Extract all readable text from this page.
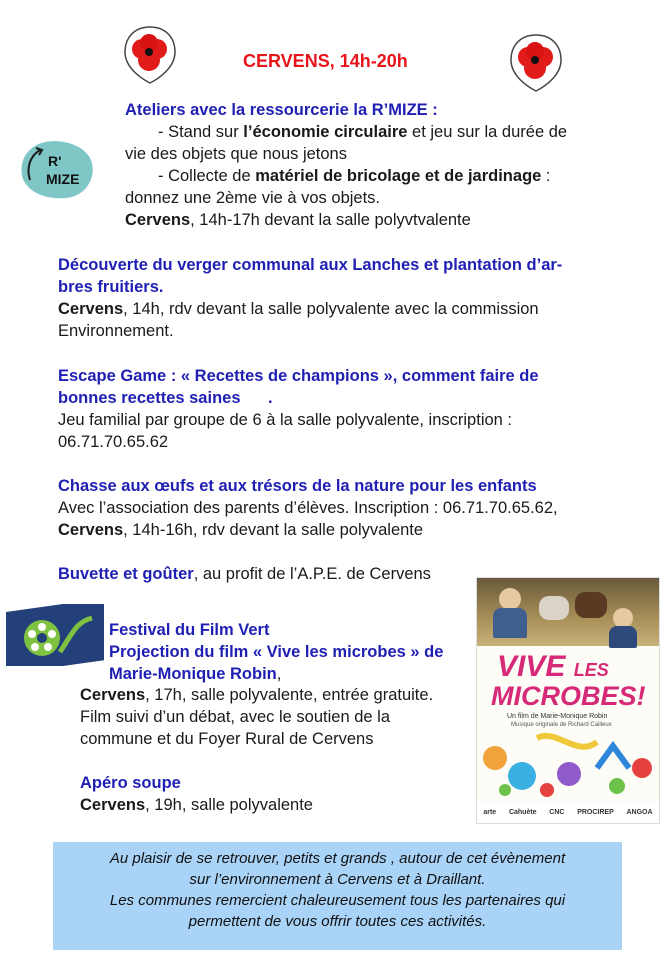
CERVENS, 14h-20h
R'
MIZE
Ateliers avec la ressourcerie la R’MIZE :
- Stand sur l’économie circulaire et jeu sur la durée de
vie des objets que nous jetons
- Collecte de matériel de bricolage et de jardinage :
donnez une 2ème vie à vos objets.
Cervens, 14h-17h devant la salle polyvtvalente
Découverte du verger communal aux Lanches et plantation d’ar-
bres fruitiers.
Cervens, 14h, rdv devant la salle polyvalente avec la commission
Environnement.
Escape Game : « Recettes de champions », comment faire de
bonnes recettes saines      .
Jeu familial par groupe de 6 à la salle polyvalente, inscription :
06.71.70.65.62
Chasse aux œufs et aux trésors de la nature pour les enfants
Avec l’association des parents d’élèves. Inscription : 06.71.70.65.62,
Cervens, 14h-16h, rdv devant la salle polyvalente
Buvette et goûter, au profit de l’A.P.E. de Cervens
Festival du Film Vert
Projection du film « Vive les microbes » de
Marie-Monique Robin,
Cervens, 17h, salle polyvalente, entrée gratuite.
Film suivi d’un débat, avec le soutien de la
commune et du Foyer Rural de Cervens
Apéro soupe
Cervens, 19h, salle polyvalente
VIVE LES
MICROBES!
Un film de Marie-Monique Robin
Musique originale de Richard Cailleux
arte Cahuète CNC PROCIREP ANGOA
Au plaisir de se retrouver, petits et grands , autour de cet évènement
sur l’environnement à Cervens et à Draillant.
Les communes remercient chaleureusement tous les partenaires qui
permettent de vous offrir toutes ces activités.
